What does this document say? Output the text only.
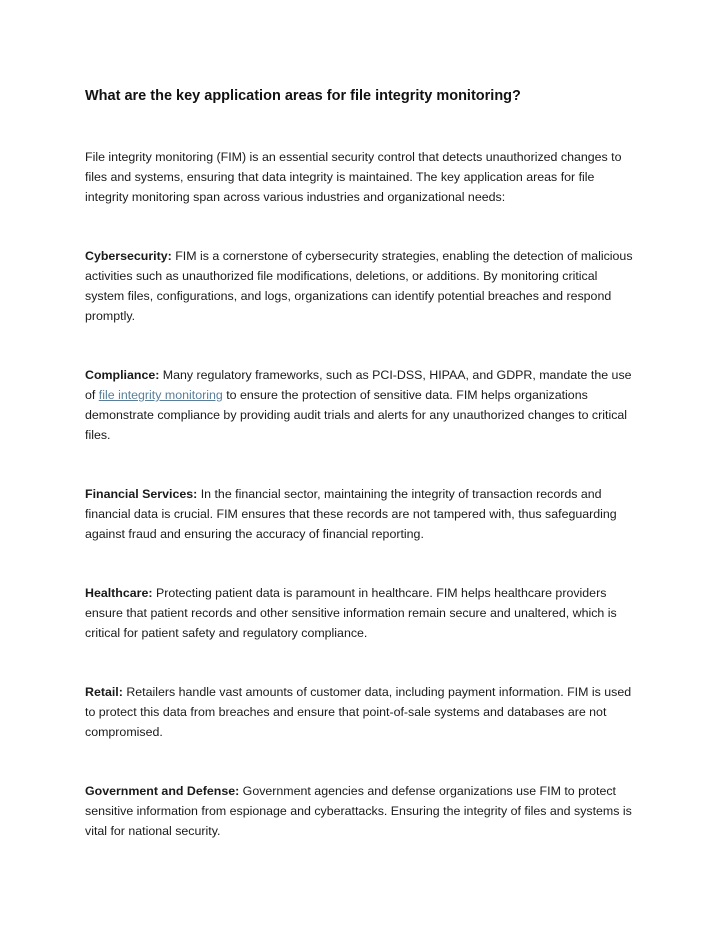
What are the key application areas for file integrity monitoring?

File integrity monitoring (FIM) is an essential security control that detects unauthorized changes to files and systems, ensuring that data integrity is maintained. The key application areas for file integrity monitoring span across various industries and organizational needs:

Cybersecurity: FIM is a cornerstone of cybersecurity strategies, enabling the detection of malicious activities such as unauthorized file modifications, deletions, or additions. By monitoring critical system files, configurations, and logs, organizations can identify potential breaches and respond promptly.

Compliance: Many regulatory frameworks, such as PCI-DSS, HIPAA, and GDPR, mandate the use of file integrity monitoring to ensure the protection of sensitive data. FIM helps organizations demonstrate compliance by providing audit trials and alerts for any unauthorized changes to critical files.

Financial Services: In the financial sector, maintaining the integrity of transaction records and financial data is crucial. FIM ensures that these records are not tampered with, thus safeguarding against fraud and ensuring the accuracy of financial reporting.

Healthcare: Protecting patient data is paramount in healthcare. FIM helps healthcare providers ensure that patient records and other sensitive information remain secure and unaltered, which is critical for patient safety and regulatory compliance.

Retail: Retailers handle vast amounts of customer data, including payment information. FIM is used to protect this data from breaches and ensure that point-of-sale systems and databases are not compromised.

Government and Defense: Government agencies and defense organizations use FIM to protect sensitive information from espionage and cyberattacks. Ensuring the integrity of files and systems is vital for national security.
